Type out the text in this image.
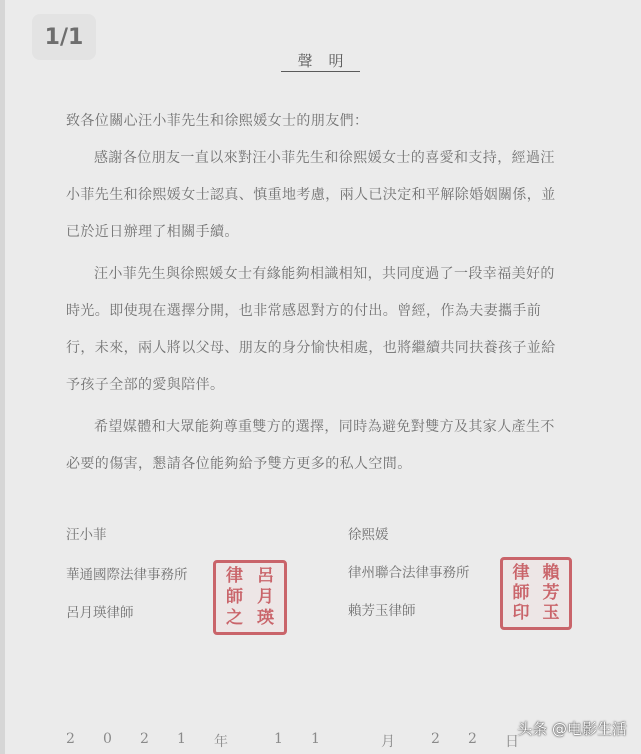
1/1
聲明
致各位關心汪小菲先生和徐熙媛女士的朋友們：
感謝各位朋友一直以來對汪小菲先生和徐熙媛女士的喜愛和支持，經過汪
小菲先生和徐熙媛女士認真、慎重地考慮，兩人已決定和平解除婚姻關係，並
已於近日辦理了相關手續。
汪小菲先生與徐熙媛女士有緣能夠相識相知，共同度過了一段幸福美好的
時光。即使現在選擇分開，也非常感恩對方的付出。曾經，作為夫妻攜手前
行，未來，兩人將以父母、朋友的身分愉快相處，也將繼續共同扶養孩子並給
予孩子全部的愛與陪伴。
希望媒體和大眾能夠尊重雙方的選擇，同時為避免對雙方及其家人產生不
必要的傷害，懇請各位能夠給予雙方更多的私人空間。
汪小菲
華通國際法律事務所
呂月瑛律師
律
師
之
呂
月
瑛
徐熙媛
律州聯合法律事務所
賴芳玉律師
律
師
印
賴
芳
玉
2	0	2	1	年	1	1	月	2	2	日
头条 @电影生活
